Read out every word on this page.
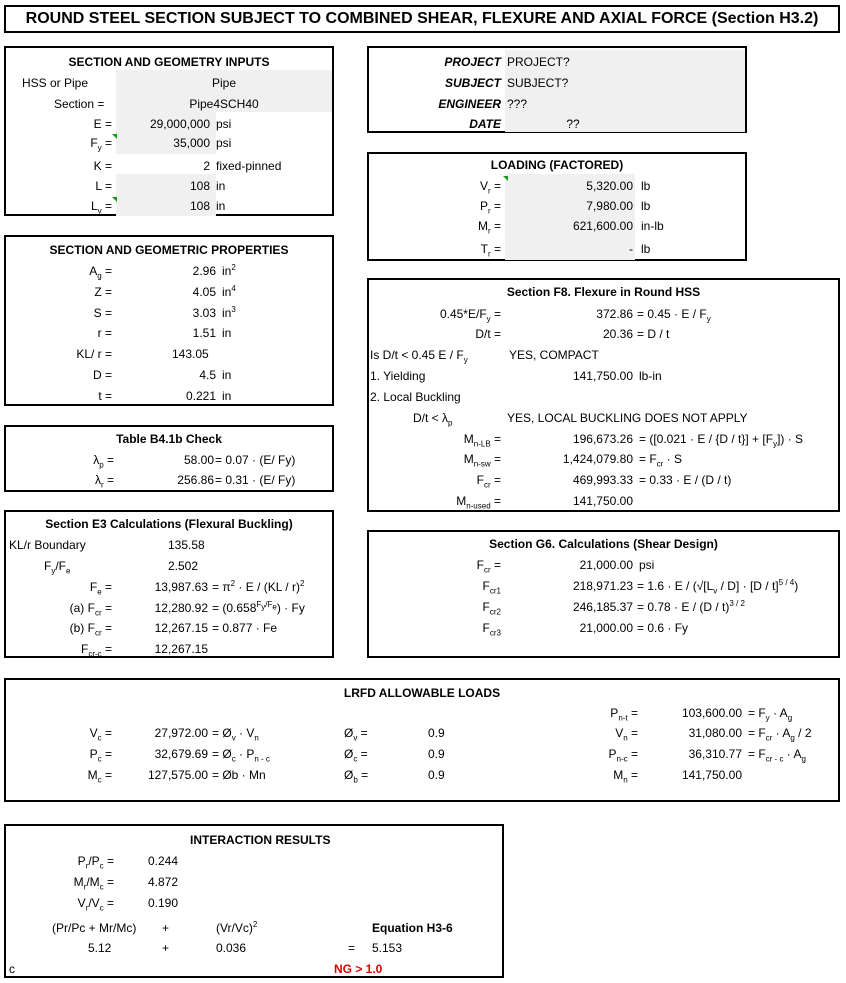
ROUND STEEL SECTION SUBJECT TO COMBINED SHEAR, FLEXURE AND AXIAL FORCE (Section H3.2)
SECTION AND GEOMETRY INPUTS
HSS or Pipe	Pipe
Section =	Pipe4SCH40
E =	29,000,000 psi
$F_y$ =	35,000 psi
K =	2 fixed-pinned
L =	108 in
$L_v$ =	108 in
PROJECT PROJECT?
SUBJECT SUBJECT?
ENGINEER ???
DATE	??
LOADING (FACTORED)
$V_r$ =	5,320.00 lb
$P_r$ =	7,980.00 lb
$M_r$ =	621,600.00 in-lb
$T_r$ =	- lb
SECTION AND GEOMETRIC PROPERTIES
$A_g$ =	2.96 $in^2$
Z =	4.05 $in^4$
S =	3.03 $in^3$
r =	1.51 in
KL/ r =	143.05
D =	4.5 in
t =	0.221 in
Table B4.1b Check
$\lambda_p$ =	58.00 = 0.07 · (E/ Fy)
$\lambda_r$ =	256.86 = 0.31 · (E/ Fy)
Section E3 Calculations (Flexural Buckling)
KL/r Boundary	135.58
$F_y/F_e$	2.502
$F_e$ =	$13,987.63 = \pi^2 \cdot E / (KL / r)^2$
(a) $F_{cr}$ =	$12,280.92 = (0.658^{F_y/F_e}) \cdot Fy$
(b) $F_{cr}$ =	12,267.15 = 0.877 · Fe
$F_{cr-c}$ =	12,267.15
Section F8. Flexure in Round HSS
$0.45*E/F_y$ =	$372.86 = 0.45 \cdot E / F_y$
D/t =	20.36 = D / t
Is D/t < 0.45 E / $F_y$	YES, COMPACT
1. Yielding	141,750.00 lb-in
2. Local Buckling
$D/t < \lambda_p$	YES, LOCAL BUCKLING DOES NOT APPLY
$M_{n-LB}$ =	$196,673.26 = ([0.021 \cdot E / \{D / t\}] + [F_y]) \cdot S$
$M_{n-sw}$ =	$1,424,079.80 = F_{cr} \cdot S$
$F_{cr}$ =	469,993.33 = 0.33 · E / (D / t)
$M_{n-used}$ =	141,750.00
Section G6. Calculations (Shear Design)
$F_{cr}$ =	21,000.00 psi
$F_{cr1}$	$218,971.23 = 1.6 \cdot E / (√[L_v / D] \cdot [D / t]^{5 / 4})$
$F_{cr2}$	246,185.37 = 0.78 · E / (D / t)$^{3 / 2}$
$F_{cr3}$	21,000.00 = 0.6 · Fy
LRFD ALLOWABLE LOADS
$V_c$ =	$27,972.00 = Ø_v \cdot V_n$
$P_c$ =	$32,679.69 = Ø_c \cdot P_{n - c}$
$M_c$ =	127,575.00 = Øb · Mn
$Ø_v$ =	0.9
$Ø_c$ =	0.9
$Ø_b$ =	0.9
$P_{n-t}$ =	$103,600.00 = F_y \cdot A_g$
$V_n$ =	$31,080.00 = F_{cr} \cdot A_g / 2$
$P_{n-c}$ =	$36,310.77 = F_{cr - c} \cdot A_g$
$M_n$ =	141,750.00
INTERACTION RESULTS
$P_r/P_c$ =	0.244
$M_r/M_c$ =	4.872
$V_r/V_c$ =	0.190
(Pr/Pc + Mr/Mc) +	$(Vr/Vc)^2$	Equation H3-6
5.12	+	0.036	= 5.153
NG > 1.0
c
